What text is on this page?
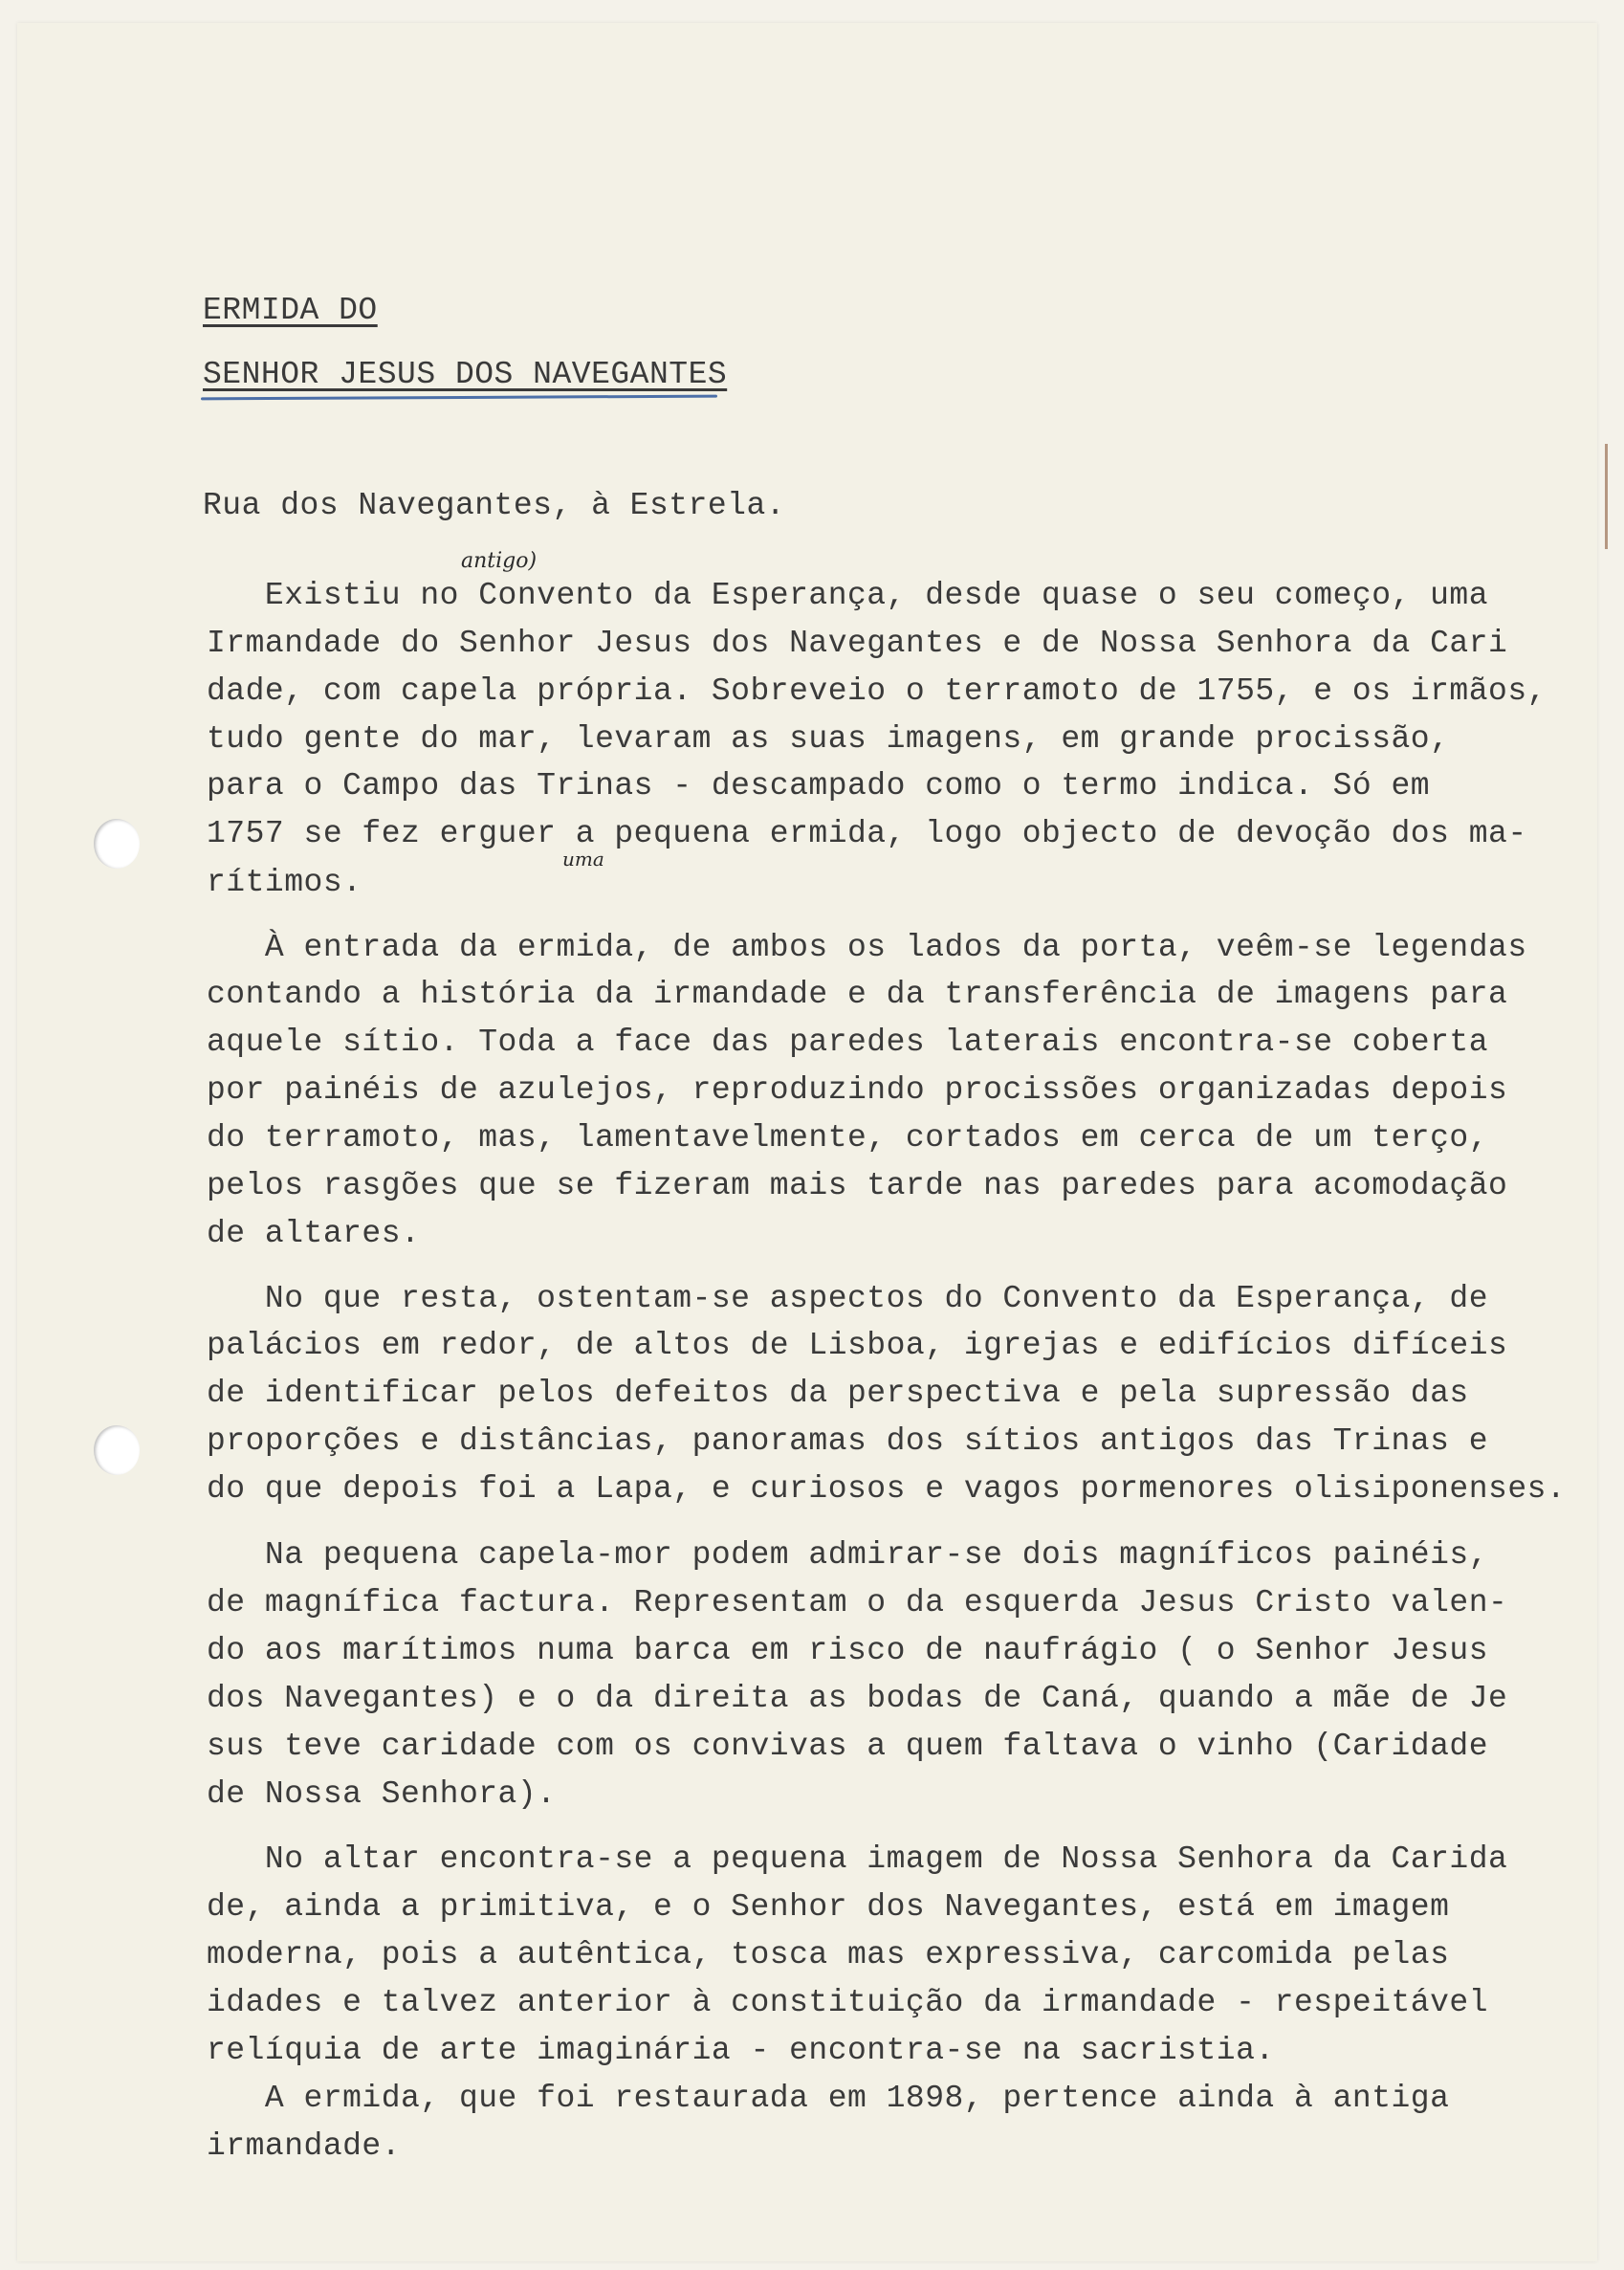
ERMIDA DO
SENHOR JESUS DOS NAVEGANTES
Rua dos Navegantes, à Estrela.
antigo)
uma
Existiu no Convento da Esperança, desde quase o seu começo, uma
Irmandade do Senhor Jesus dos Navegantes e de Nossa Senhora da Cari
dade, com capela própria. Sobreveio o terramoto de 1755, e os irmãos,
tudo gente do mar, levaram as suas imagens, em grande procissão,
para o Campo das Trinas - descampado como o termo indica. Só em
1757 se fez erguer a pequena ermida, logo objecto de devoção dos ma-
rítimos.
À entrada da ermida, de ambos os lados da porta, veêm-se legendas
contando a história da irmandade e da transferência de imagens para
aquele sítio. Toda a face das paredes laterais encontra-se coberta
por painéis de azulejos, reproduzindo procissões organizadas depois
do terramoto, mas, lamentavelmente, cortados em cerca de um terço,
pelos rasgões que se fizeram mais tarde nas paredes para acomodação
de altares.
No que resta, ostentam-se aspectos do Convento da Esperança, de
palácios em redor, de altos de Lisboa, igrejas e edifícios difíceis
de identificar pelos defeitos da perspectiva e pela supressão das
proporções e distâncias, panoramas dos sítios antigos das Trinas e
do que depois foi a Lapa, e curiosos e vagos pormenores olisiponenses.
Na pequena capela-mor podem admirar-se dois magníficos painéis,
de magnífica factura. Representam o da esquerda Jesus Cristo valen-
do aos marítimos numa barca em risco de naufrágio ( o Senhor Jesus
dos Navegantes) e o da direita as bodas de Caná, quando a mãe de Je
sus teve caridade com os convivas a quem faltava o vinho (Caridade
de Nossa Senhora).
No altar encontra-se a pequena imagem de Nossa Senhora da Carida
de, ainda a primitiva, e o Senhor dos Navegantes, está em imagem
moderna, pois a autêntica, tosca mas expressiva, carcomida pelas
idades e talvez anterior à constituição da irmandade - respeitável
relíquia de arte imaginária - encontra-se na sacristia.
A ermida, que foi restaurada em 1898, pertence ainda à antiga
irmandade.
